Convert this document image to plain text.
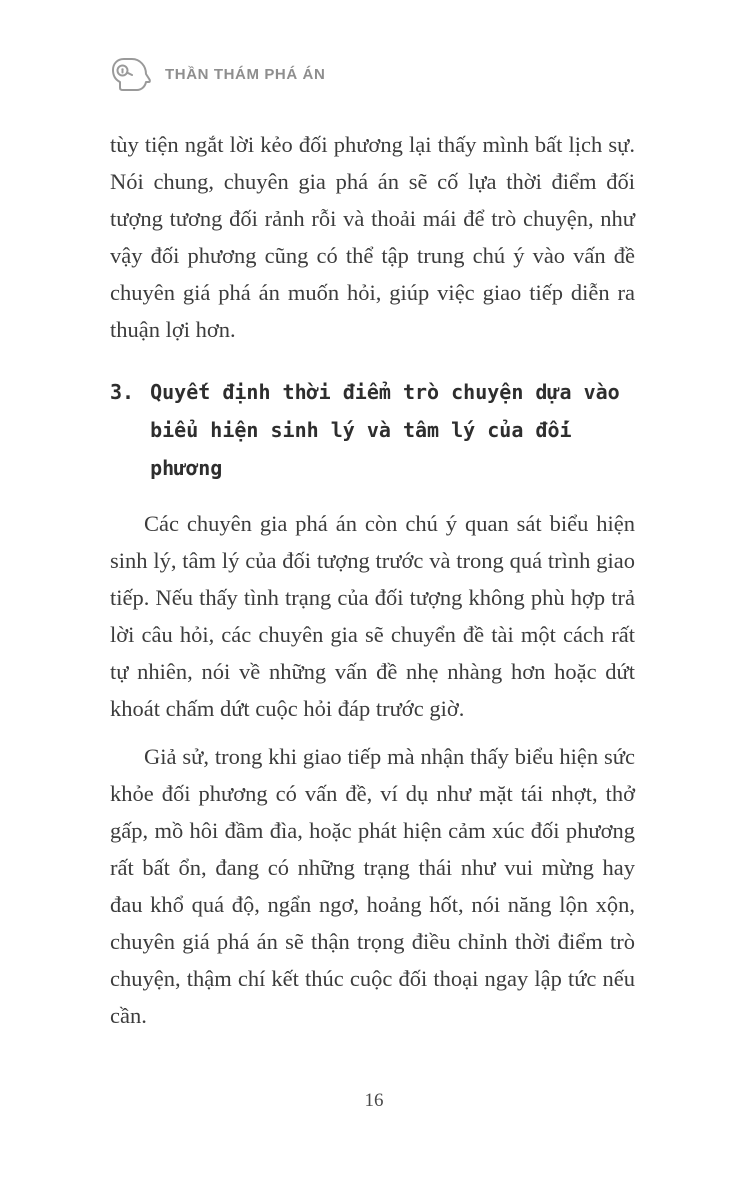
THẦN THÁM PHÁ ÁN

tùy tiện ngắt lời kẻo đối phương lại thấy mình bất lịch sự. Nói chung, chuyên gia phá án sẽ cố lựa thời điểm đối tượng tương đối rảnh rỗi và thoải mái để trò chuyện, như vậy đối phương cũng có thể tập trung chú ý vào vấn đề chuyên giá phá án muốn hỏi, giúp việc giao tiếp diễn ra thuận lợi hơn.

3. Quyết định thời điểm trò chuyện dựa vào biểu hiện sinh lý và tâm lý của đối phương

Các chuyên gia phá án còn chú ý quan sát biểu hiện sinh lý, tâm lý của đối tượng trước và trong quá trình giao tiếp. Nếu thấy tình trạng của đối tượng không phù hợp trả lời câu hỏi, các chuyên gia sẽ chuyển đề tài một cách rất tự nhiên, nói về những vấn đề nhẹ nhàng hơn hoặc dứt khoát chấm dứt cuộc hỏi đáp trước giờ.

Giả sử, trong khi giao tiếp mà nhận thấy biểu hiện sức khỏe đối phương có vấn đề, ví dụ như mặt tái nhợt, thở gấp, mồ hôi đầm đìa, hoặc phát hiện cảm xúc đối phương rất bất ổn, đang có những trạng thái như vui mừng hay đau khổ quá độ, ngẩn ngơ, hoảng hốt, nói năng lộn xộn, chuyên giá phá án sẽ thận trọng điều chỉnh thời điểm trò chuyện, thậm chí kết thúc cuộc đối thoại ngay lập tức nếu cần.

16
